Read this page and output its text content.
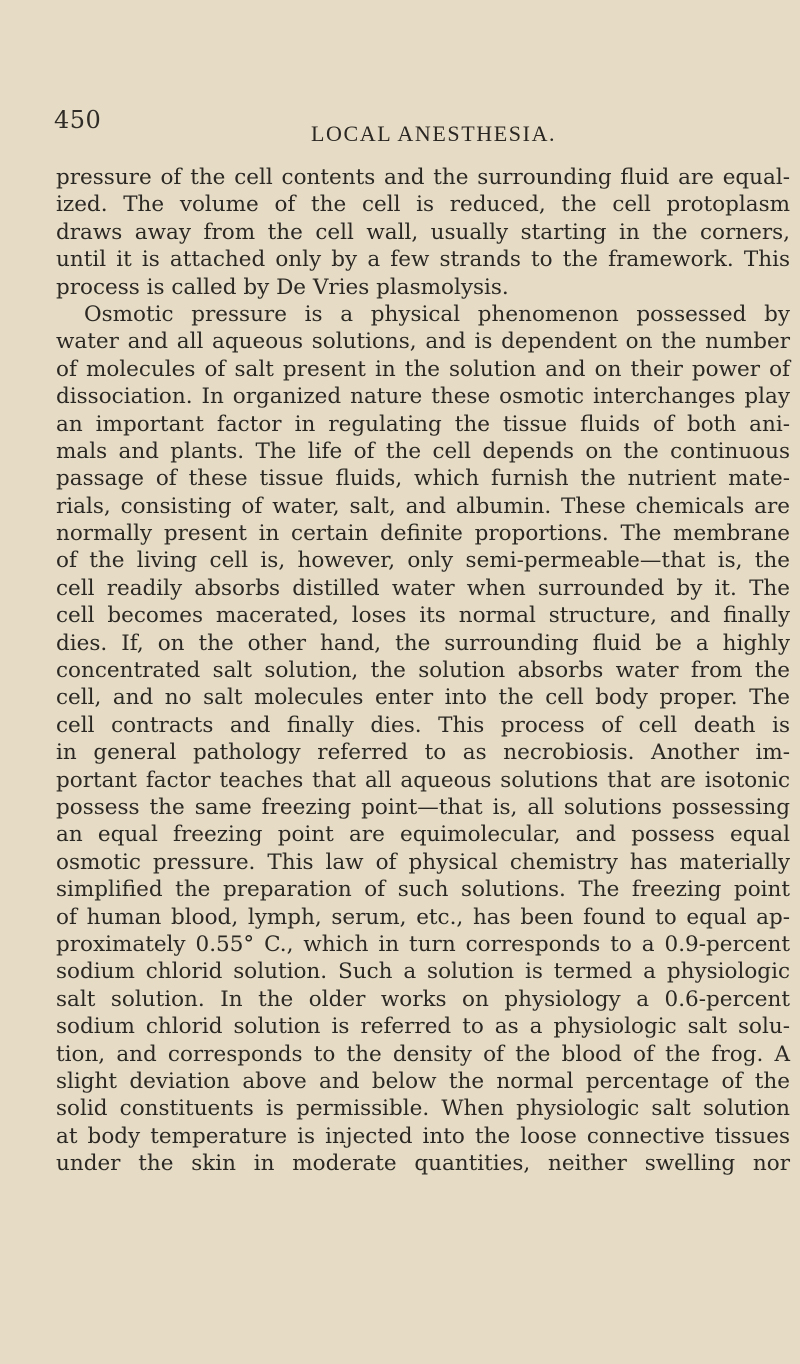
450	LOCAL ANESTHESIA.
pressure of the cell contents and the surrounding fluid are equal-
ized. The volume of the cell is reduced, the cell protoplasm
draws away from the cell wall, usually starting in the corners,
until it is attached only by a few strands to the framework. This
process is called by De Vries plasmolysis.
Osmotic pressure is a physical phenomenon possessed by
water and all aqueous solutions, and is dependent on the number
of molecules of salt present in the solution and on their power of
dissociation. In organized nature these osmotic interchanges play
an important factor in regulating the tissue fluids of both ani-
mals and plants. The life of the cell depends on the continuous
passage of these tissue fluids, which furnish the nutrient mate-
rials, consisting of water, salt, and albumin. These chemicals are
normally present in certain definite proportions. The membrane
of the living cell is, however, only semi-permeable—that is, the
cell readily absorbs distilled water when surrounded by it. The
cell becomes macerated, loses its normal structure, and finally
dies. If, on the other hand, the surrounding fluid be a highly
concentrated salt solution, the solution absorbs water from the
cell, and no salt molecules enter into the cell body proper. The
cell contracts and finally dies. This process of cell death is
in general pathology referred to as necrobiosis. Another im-
portant factor teaches that all aqueous solutions that are isotonic
possess the same freezing point—that is, all solutions possessing
an equal freezing point are equimolecular, and possess equal
osmotic pressure. This law of physical chemistry has materially
simplified the preparation of such solutions. The freezing point
of human blood, lymph, serum, etc., has been found to equal ap-
proximately 0.55° C., which in turn corresponds to a 0.9-percent
sodium chlorid solution. Such a solution is termed a physiologic
salt solution. In the older works on physiology a 0.6-percent
sodium chlorid solution is referred to as a physiologic salt solu-
tion, and corresponds to the density of the blood of the frog. A
slight deviation above and below the normal percentage of the
solid constituents is permissible. When physiologic salt solution
at body temperature is injected into the loose connective tissues
under the skin in moderate quantities, neither swelling nor
